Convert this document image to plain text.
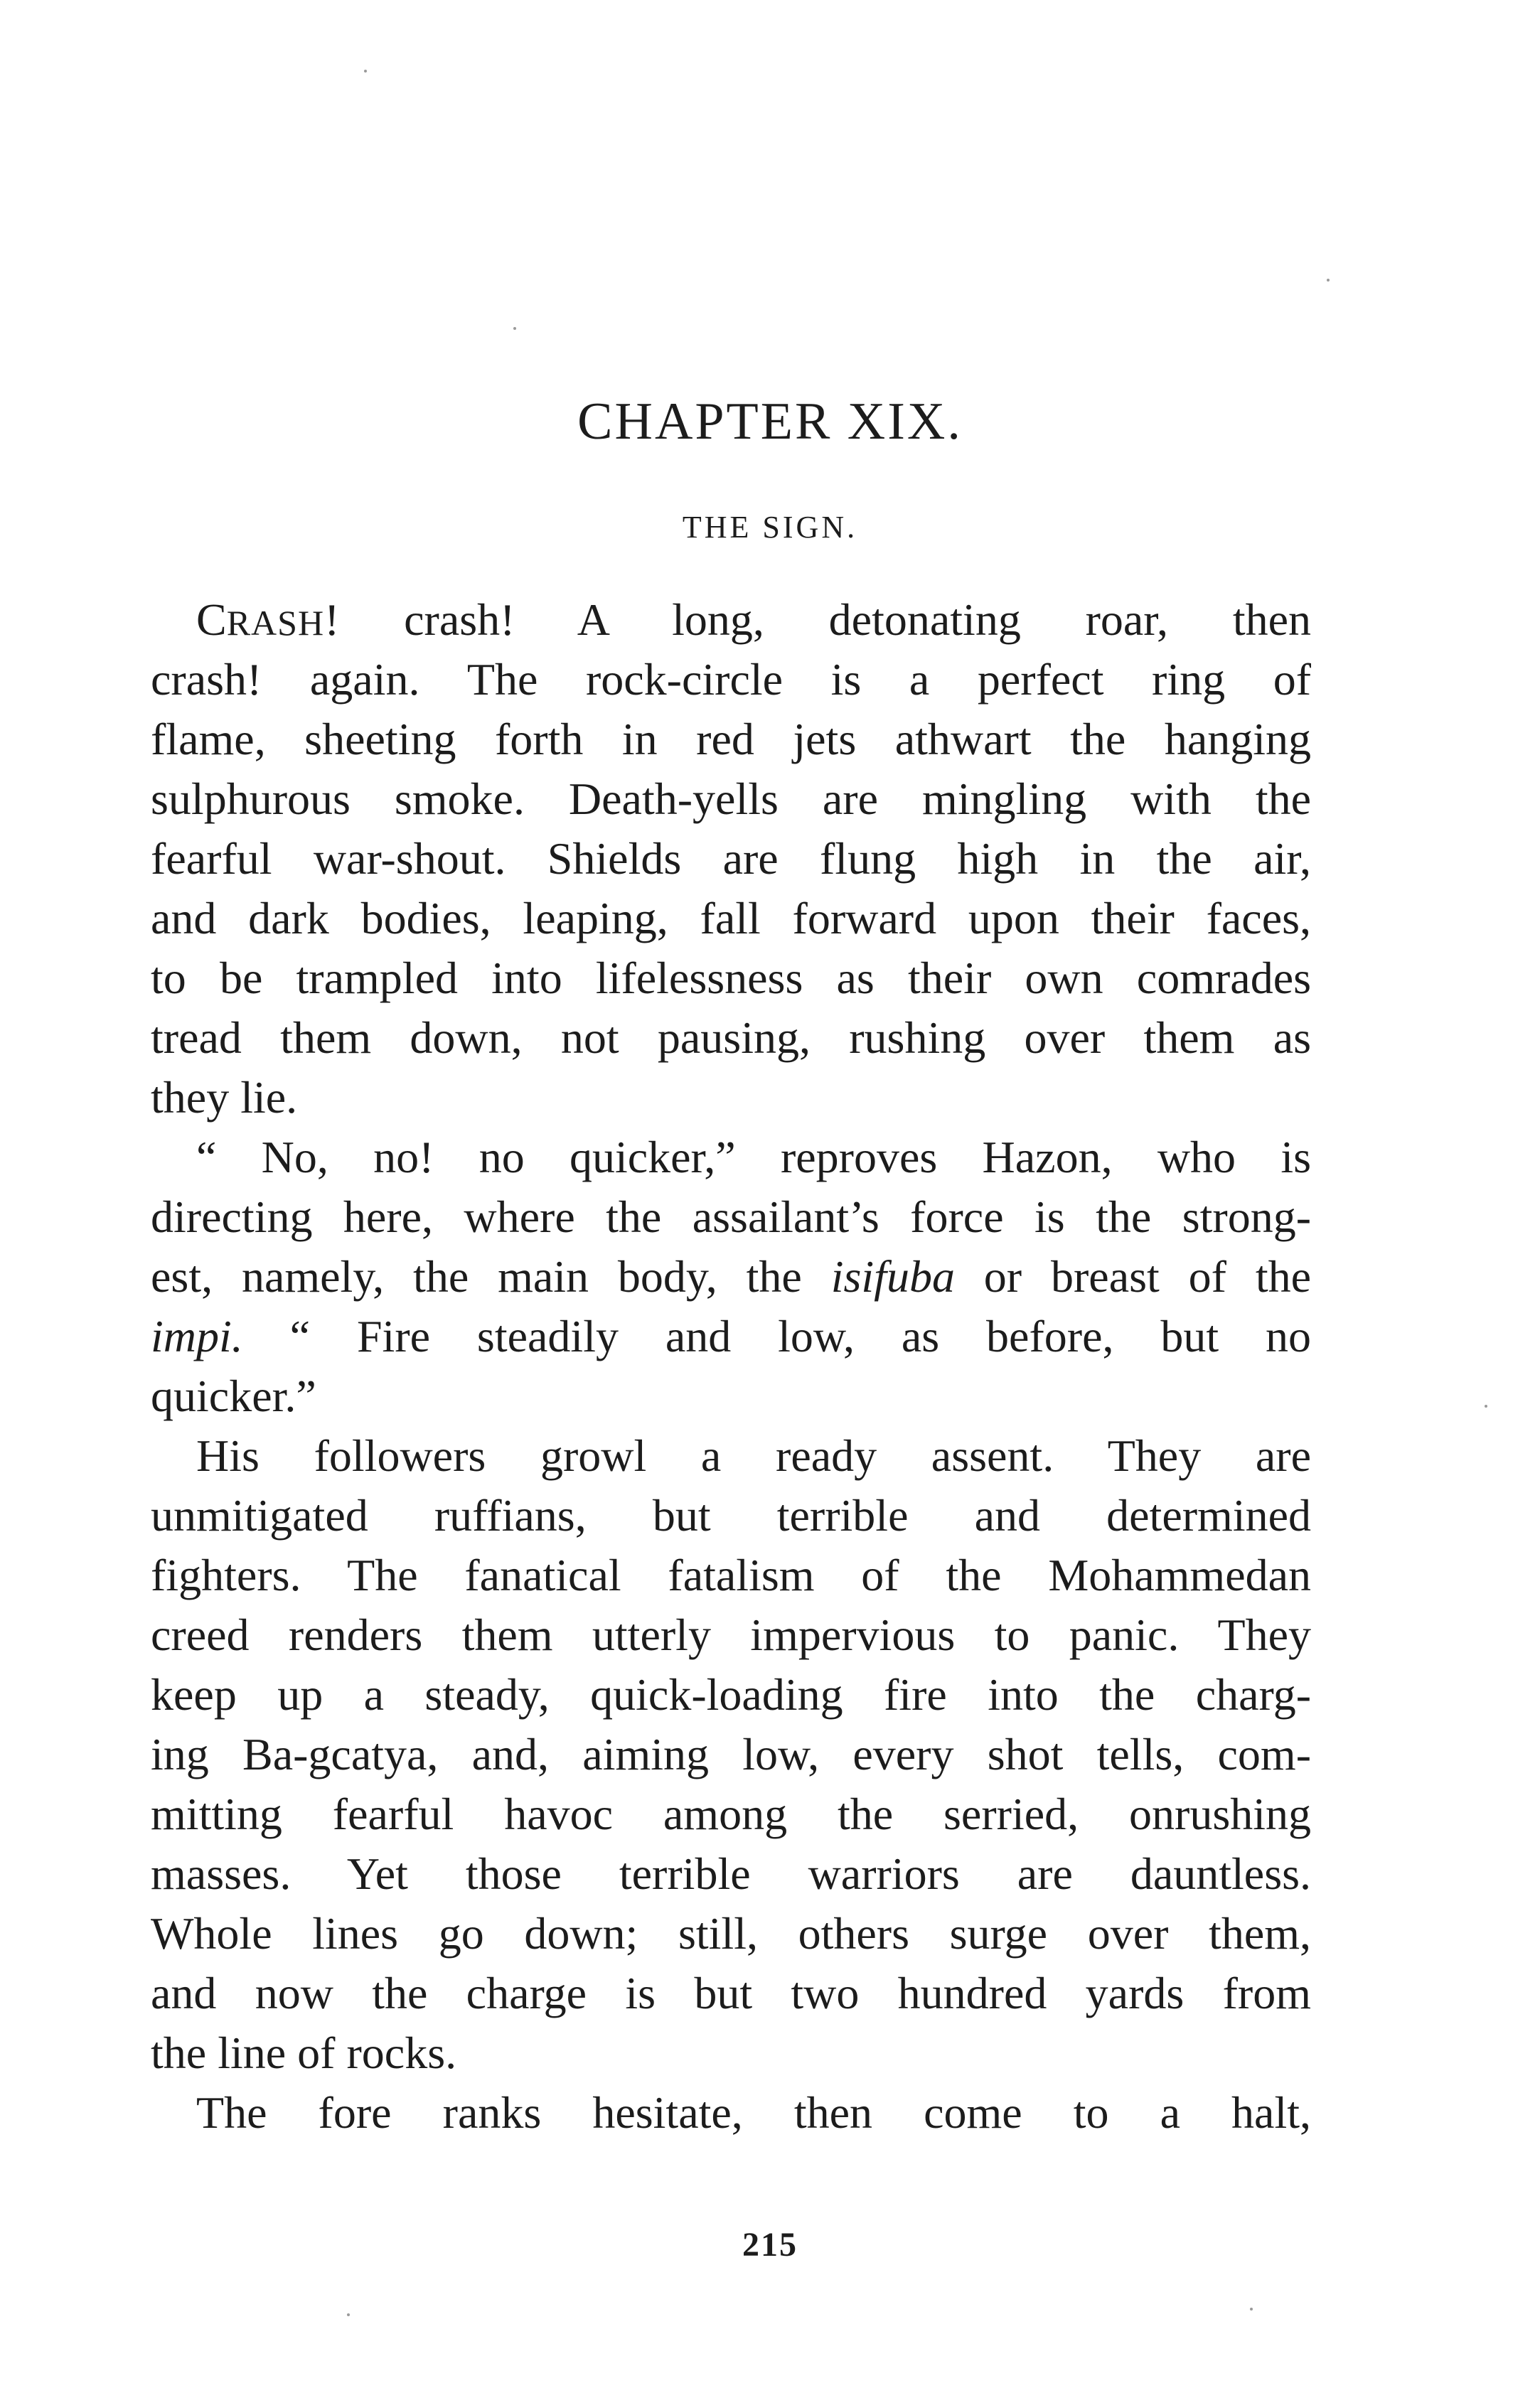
CHAPTER XIX.
THE SIGN.
CRASH! crash! A long, detonating roar, then
crash! again. The rock-circle is a perfect ring of
flame, sheeting forth in red jets athwart the hanging
sulphurous smoke. Death-yells are mingling with the
fearful war-shout. Shields are flung high in the air,
and dark bodies, leaping, fall forward upon their faces,
to be trampled into lifelessness as their own comrades
tread them down, not pausing, rushing over them as
they lie.
“ No, no! no quicker,” reproves Hazon, who is
directing here, where the assailant’s force is the strong-
est, namely, the main body, the isifuba or breast of the
impi. “ Fire steadily and low, as before, but no
quicker.”
His followers growl a ready assent. They are
unmitigated ruffians, but terrible and determined
fighters. The fanatical fatalism of the Mohammedan
creed renders them utterly impervious to panic. They
keep up a steady, quick-loading fire into the charg-
ing Ba-gcatya, and, aiming low, every shot tells, com-
mitting fearful havoc among the serried, onrushing
masses. Yet those terrible warriors are dauntless.
Whole lines go down; still, others surge over them,
and now the charge is but two hundred yards from
the line of rocks.
The fore ranks hesitate, then come to a halt,
215
